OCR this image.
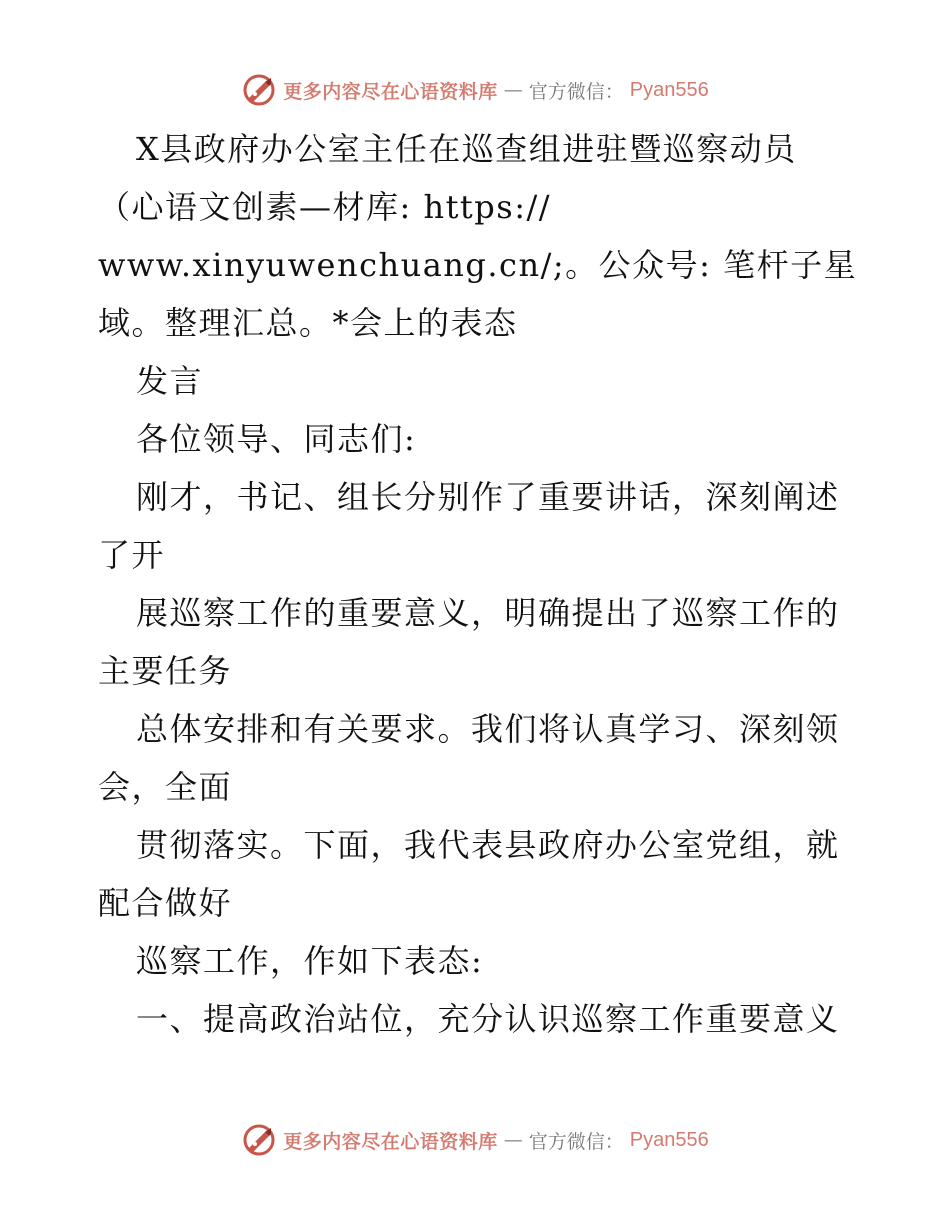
更多内容尽在心语资料库 — 官方微信： Pyan556
X县政府办公室主任在巡查组进驻暨巡察动员
（心语文创素—材库: https://
www.xinyuwenchuang.cn/;。公众号: 笔杆子星
域。整理汇总。*会上的表态
发言
各位领导、同志们:
刚才，书记、组长分别作了重要讲话，深刻阐述
了开
展巡察工作的重要意义，明确提出了巡察工作的
主要任务
总体安排和有关要求。我们将认真学习、深刻领
会，全面
贯彻落实。下面，我代表县政府办公室党组，就
配合做好
巡察工作，作如下表态:
一、提高政治站位，充分认识巡察工作重要意义
更多内容尽在心语资料库 — 官方微信： Pyan556
